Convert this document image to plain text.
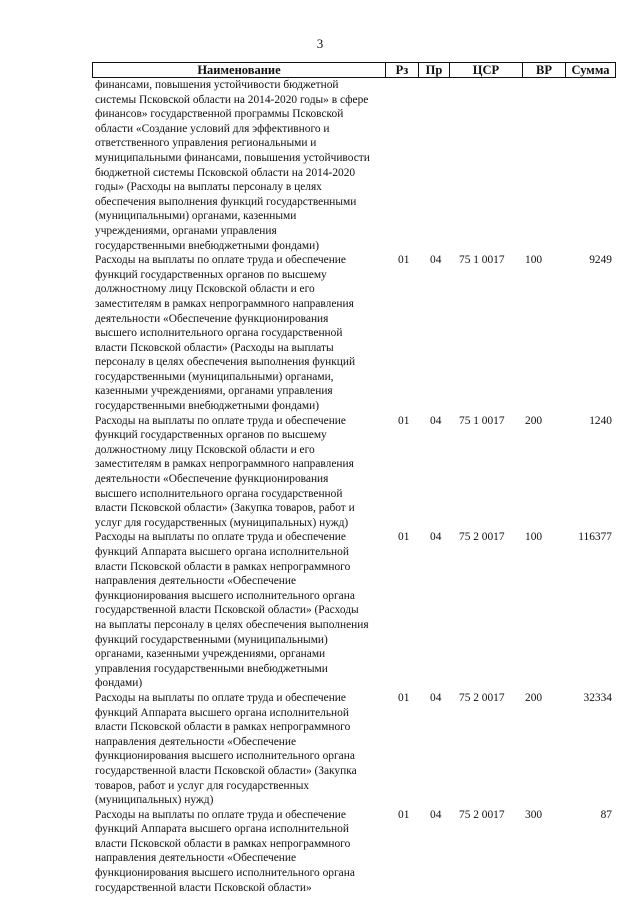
3
Наименование	Рз	Пр	ЦСР	ВР	Сумма
финансами, повышения устойчивости бюджетной
системы Псковской области на 2014-2020 годы» в сфере
финансов» государственной программы Псковской
области «Создание условий для эффективного и
ответственного управления региональными и
муниципальными финансами, повышения устойчивости
бюджетной системы Псковской области на 2014-2020
годы» (Расходы на выплаты персоналу в целях
обеспечения выполнения функций государственными
(муниципальными) органами, казенными
учреждениями, органами управления
государственными внебюджетными фондами)
Расходы на выплаты по оплате труда и обеспечение
функций государственных органов по высшему
должностному лицу Псковской области и его
заместителям в рамках непрограммного направления
деятельности «Обеспечение функционирования
высшего исполнительного органа государственной
власти Псковской области» (Расходы на выплаты
персоналу в целях обеспечения выполнения функций
государственными (муниципальными) органами,
казенными учреждениями, органами управления
государственными внебюджетными фондами)
01	04	75 1 0017	100	9249
Расходы на выплаты по оплате труда и обеспечение
функций государственных органов по высшему
должностному лицу Псковской области и его
заместителям в рамках непрограммного направления
деятельности «Обеспечение функционирования
высшего исполнительного органа государственной
власти Псковской области» (Закупка товаров, работ и
услуг для государственных (муниципальных) нужд)
01	04	75 1 0017	200	1240
Расходы на выплаты по оплате труда и обеспечение
функций Аппарата высшего органа исполнительной
власти Псковской области в рамках непрограммного
направления деятельности «Обеспечение
функционирования высшего исполнительного органа
государственной власти Псковской области» (Расходы
на выплаты персоналу в целях обеспечения выполнения
функций государственными (муниципальными)
органами, казенными учреждениями, органами
управления государственными внебюджетными
фондами)
01	04	75 2 0017	100	116377
Расходы на выплаты по оплате труда и обеспечение
функций Аппарата высшего органа исполнительной
власти Псковской области в рамках непрограммного
направления деятельности «Обеспечение
функционирования высшего исполнительного органа
государственной власти Псковской области» (Закупка
товаров, работ и услуг для государственных
(муниципальных) нужд)
01	04	75 2 0017	200	32334
Расходы на выплаты по оплате труда и обеспечение
функций Аппарата высшего органа исполнительной
власти Псковской области в рамках непрограммного
направления деятельности «Обеспечение
функционирования высшего исполнительного органа
государственной власти Псковской области»
01	04	75 2 0017	300	87
